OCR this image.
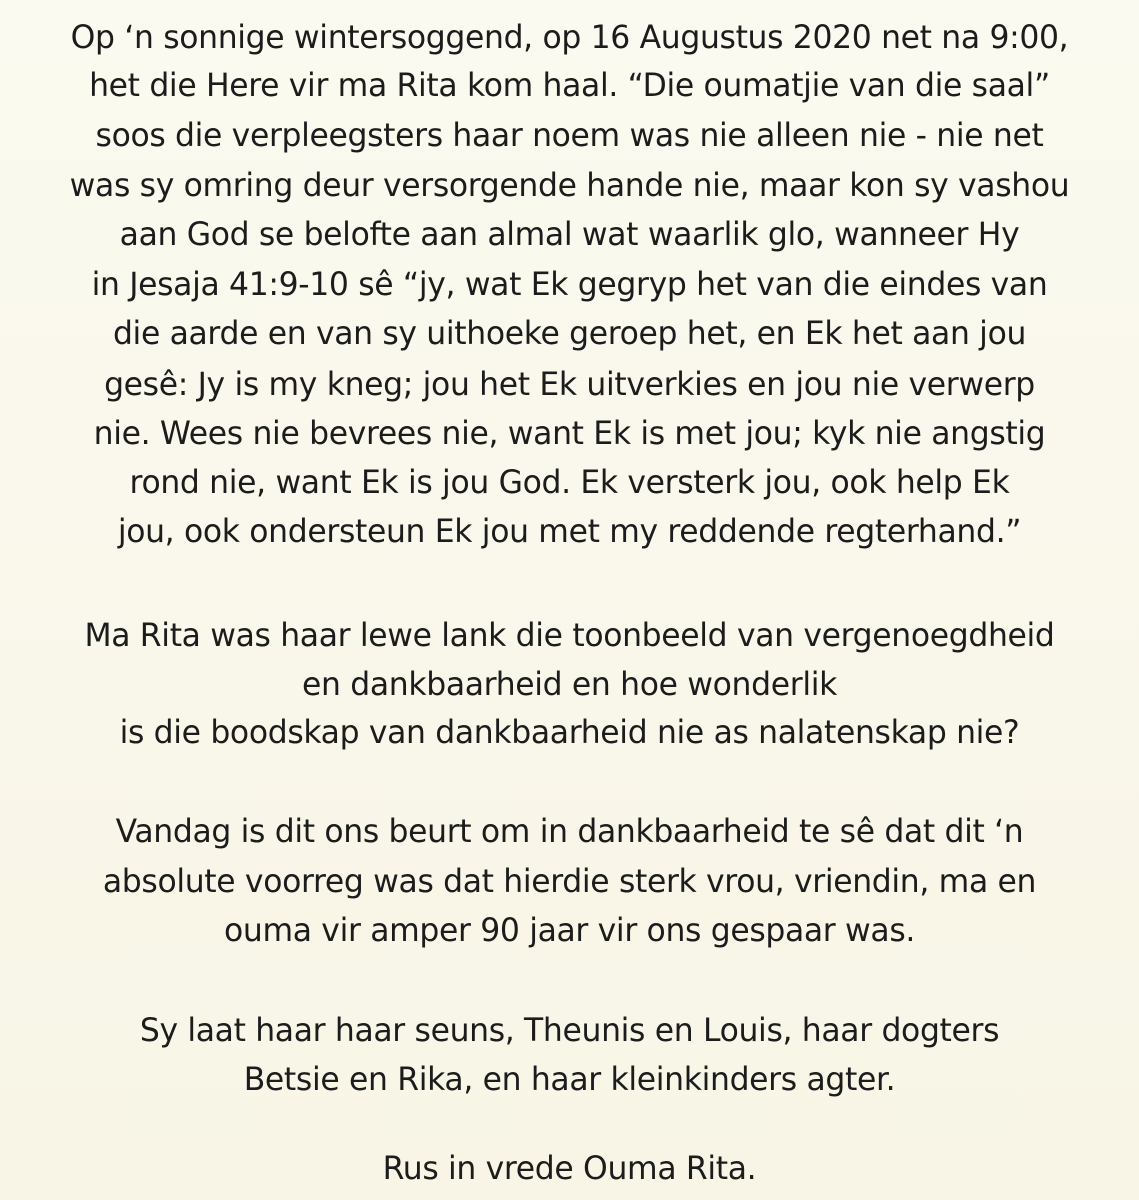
Op ‘n sonnige wintersoggend, op 16 Augustus 2020 net na 9:00,
het die Here vir ma Rita kom haal. “Die oumatjie van die saal”
soos die verpleegsters haar noem was nie alleen nie - nie net
was sy omring deur versorgende hande nie, maar kon sy vashou
aan God se belofte aan almal wat waarlik glo, wanneer Hy
in Jesaja 41:9-10 sê “jy, wat Ek gegryp het van die eindes van
die aarde en van sy uithoeke geroep het, en Ek het aan jou
gesê: Jy is my kneg; jou het Ek uitverkies en jou nie verwerp
nie. Wees nie bevrees nie, want Ek is met jou; kyk nie angstig
rond nie, want Ek is jou God. Ek versterk jou, ook help Ek
jou, ook ondersteun Ek jou met my reddende regterhand.”
Ma Rita was haar lewe lank die toonbeeld van vergenoegdheid
en dankbaarheid en hoe wonderlik
is die boodskap van dankbaarheid nie as nalatenskap nie?
Vandag is dit ons beurt om in dankbaarheid te sê dat dit ‘n
absolute voorreg was dat hierdie sterk vrou, vriendin, ma en
ouma vir amper 90 jaar vir ons gespaar was.
Sy laat haar haar seuns, Theunis en Louis, haar dogters
Betsie en Rika, en haar kleinkinders agter.
Rus in vrede Ouma Rita.
